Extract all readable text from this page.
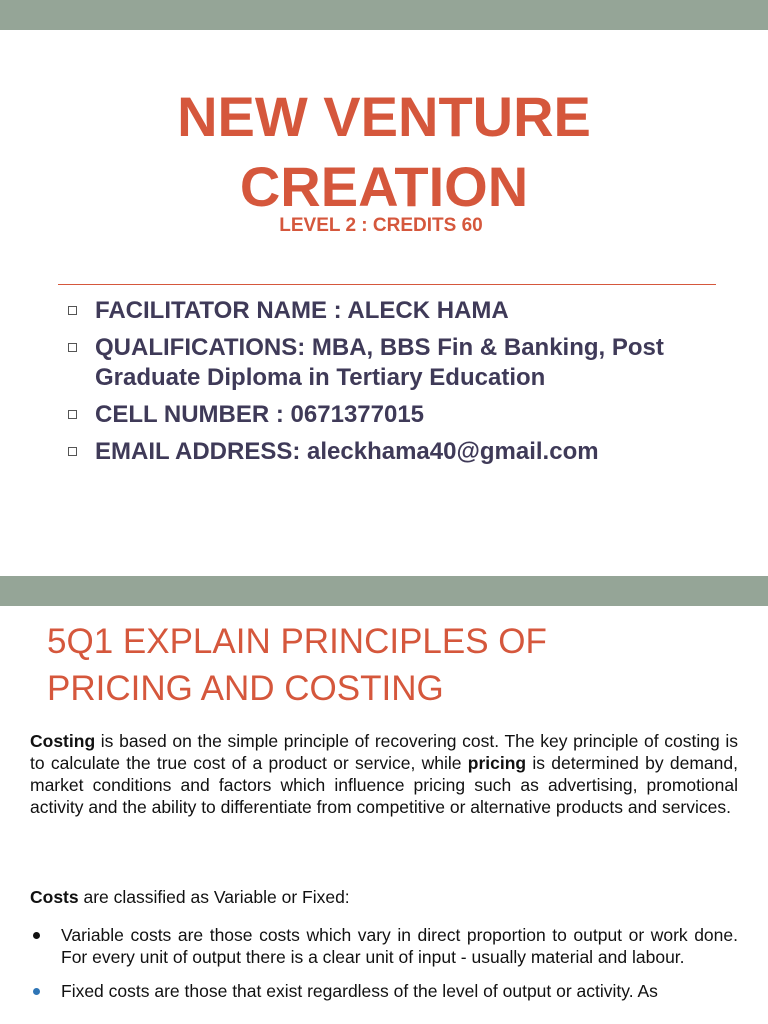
NEW VENTURE
CREATION
LEVEL 2 : CREDITS 60
FACILITATOR NAME : ALECK HAMA
QUALIFICATIONS: MBA, BBS Fin & Banking, Post Graduate Diploma in Tertiary Education
CELL NUMBER : 0671377015
EMAIL ADDRESS: aleckhama40@gmail.com
5Q1 EXPLAIN PRINCIPLES OF PRICING AND COSTING
Costing is based on the simple principle of recovering cost. The key principle of costing is to calculate the true cost of a product or service, while pricing is determined by demand, market conditions and factors which influence pricing such as advertising, promotional activity and the ability to differentiate from competitive or alternative products and services.
Costs are classified as Variable or Fixed:
Variable costs are those costs which vary in direct proportion to output or work done. For every unit of output there is a clear unit of input - usually material and labour.
Fixed costs are those that exist regardless of the level of output or activity. As
